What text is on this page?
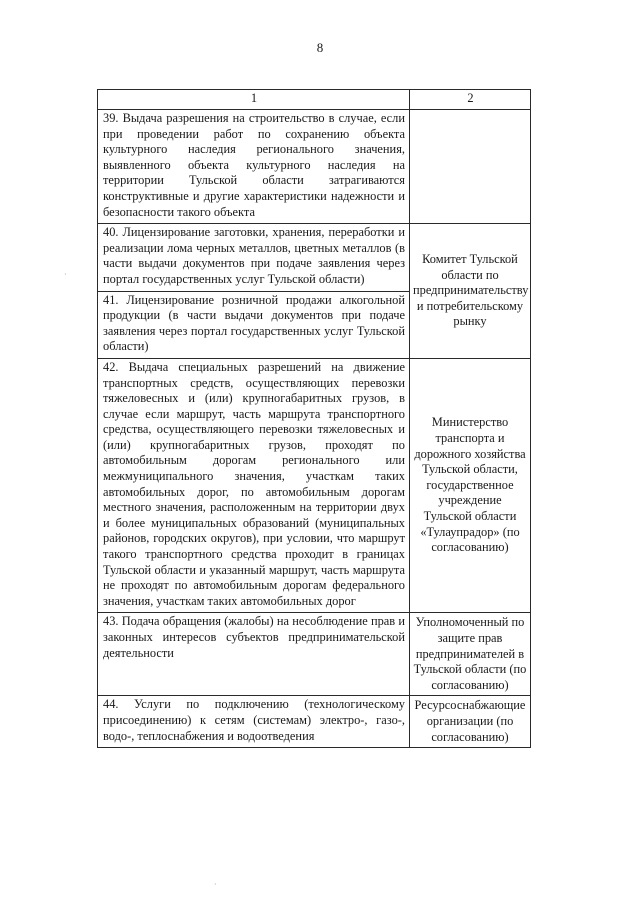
8
1	2
39. Выдача разрешения на строительство в случае, если при проведении работ по сохранению объекта культурного наследия регионального значения, выявленного объекта культурного наследия на территории Тульской области затрагиваются конструктивные и другие характеристики надежности и безопасности такого объекта	
40. Лицензирование заготовки, хранения, переработки и реализации лома черных металлов, цветных металлов (в части выдачи документов при подаче заявления через портал государственных услуг Тульской области)	Комитет Тульской области по предпринимательству и потребительскому рынку
41. Лицензирование розничной продажи алкогольной продукции (в части выдачи документов при подаче заявления через портал государственных услуг Тульской области)	
42. Выдача специальных разрешений на движение транспортных средств, осуществляющих перевозки тяжеловесных и (или) крупногабаритных грузов, в случае если маршрут, часть маршрута транспортного средства, осуществляющего перевозки тяжеловесных и (или) крупногабаритных грузов, проходят по автомобильным дорогам регионального или межмуниципального значения, участкам таких автомобильных дорог, по автомобильным дорогам местного значения, расположенным на территории двух и более муниципальных образований (муниципальных районов, городских округов), при условии, что маршрут такого транспортного средства проходит в границах Тульской области и указанный маршрут, часть маршрута не проходят по автомобильным дорогам федерального значения, участкам таких автомобильных дорог	Министерство транспорта и дорожного хозяйства Тульской области, государственное учреждение Тульской области «Тулаупрадор» (по согласованию)
43. Подача обращения (жалобы) на несоблюдение прав и законных интересов субъектов предпринимательской деятельности	Уполномоченный по защите прав предпринимателей в Тульской области (по согласованию)
44. Услуги по подключению (технологическому присоединению) к сетям (системам) электро-, газо-, водо-, теплоснабжения и водоотведения	Ресурсоснабжающие организации (по согласованию)
·
·
